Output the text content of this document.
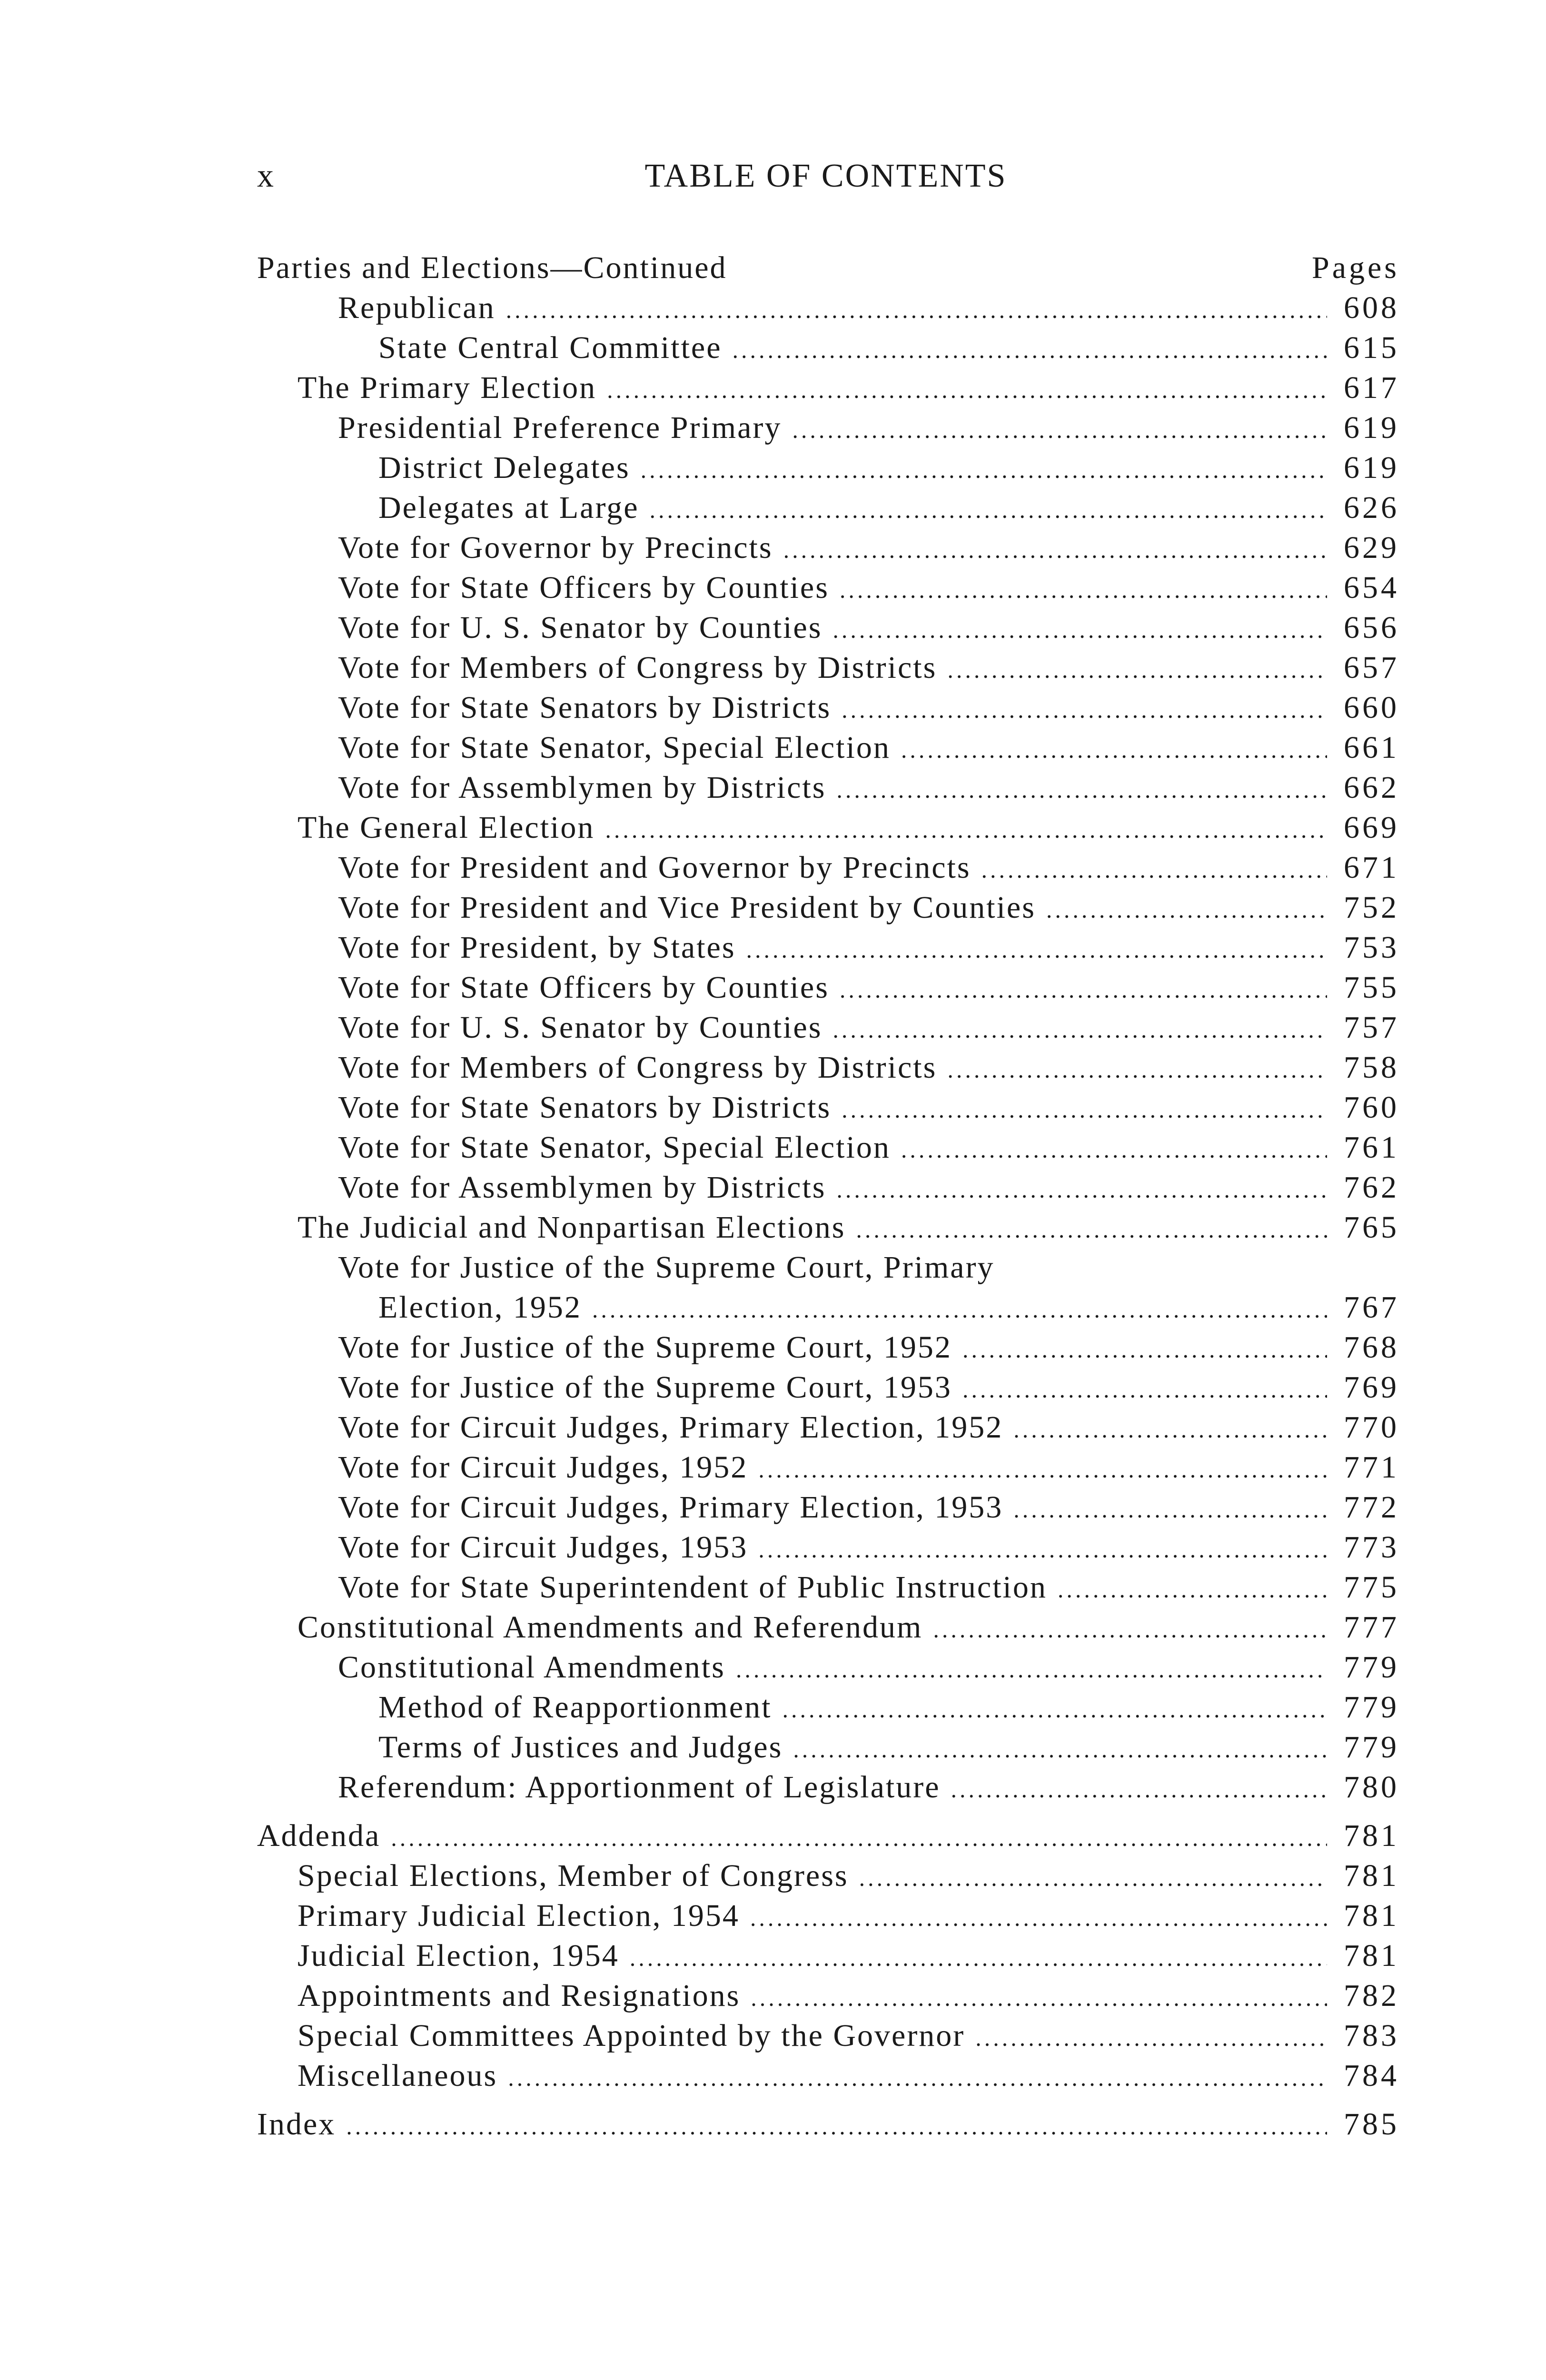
x	TABLE OF CONTENTS
Parties and Elections—Continued	Pages
Republican .....	608
State Central Committee .....	615
The Primary Election .....	617
Presidential Preference Primary .....	619
District Delegates .....	619
Delegates at Large .....	626
Vote for Governor by Precincts .....	629
Vote for State Officers by Counties .....	654
Vote for U. S. Senator by Counties .....	656
Vote for Members of Congress by Districts .....	657
Vote for State Senators by Districts .....	660
Vote for State Senator, Special Election .....	661
Vote for Assemblymen by Districts .....	662
The General Election .....	669
Vote for President and Governor by Precincts .....	671
Vote for President and Vice President by Counties .....	752
Vote for President, by States .....	753
Vote for State Officers by Counties .....	755
Vote for U. S. Senator by Counties .....	757
Vote for Members of Congress by Districts .....	758
Vote for State Senators by Districts .....	760
Vote for State Senator, Special Election .....	761
Vote for Assemblymen by Districts .....	762
The Judicial and Nonpartisan Elections .....	765
Vote for Justice of the Supreme Court, Primary
Election, 1952 .....	767
Vote for Justice of the Supreme Court, 1952 .....	768
Vote for Justice of the Supreme Court, 1953 .....	769
Vote for Circuit Judges, Primary Election, 1952 .....	770
Vote for Circuit Judges, 1952 .....	771
Vote for Circuit Judges, Primary Election, 1953 .....	772
Vote for Circuit Judges, 1953 .....	773
Vote for State Superintendent of Public Instruction .....	775
Constitutional Amendments and Referendum .....	777
Constitutional Amendments .....	779
Method of Reapportionment .....	779
Terms of Justices and Judges .....	779
Referendum: Apportionment of Legislature .....	780
Addenda .....	781
Special Elections, Member of Congress .....	781
Primary Judicial Election, 1954 .....	781
Judicial Election, 1954 .....	781
Appointments and Resignations .....	782
Special Committees Appointed by the Governor .....	783
Miscellaneous .....	784
Index .....	785
